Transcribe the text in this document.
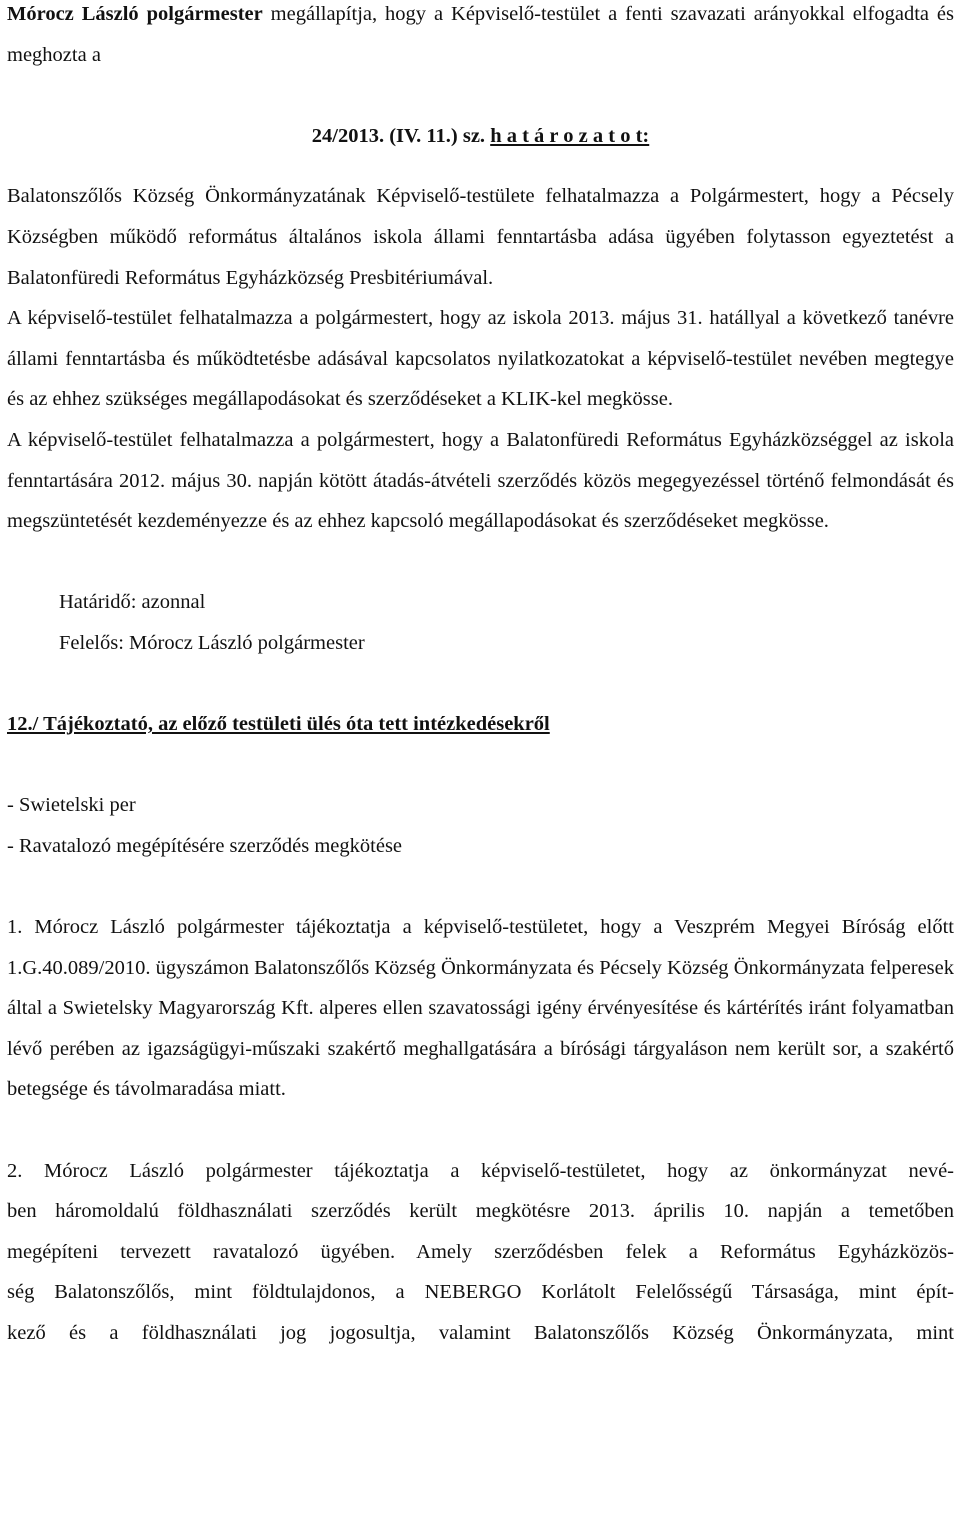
Mórocz László polgármester megállapítja, hogy a Képviselő-testület a fenti szavazati arányokkal elfogadta és meghozta a

24/2013. (IV. 11.) sz. h a t á r o z a t o t:

Balatonszőlős Község Önkormányzatának Képviselő-testülete felhatalmazza a Polgármestert, hogy a Pécsely Községben működő református általános iskola állami fenntartásba adása ügyében folytasson egyeztetést a Balatonfüredi Református Egyházközség Presbitériumával.

A képviselő-testület felhatalmazza a polgármestert, hogy az iskola 2013. május 31. hatállyal a következő tanévre állami fenntartásba és működtetésbe adásával kapcsolatos nyilatkozatokat a képviselő-testület nevében megtegye és az ehhez szükséges megállapodásokat és szerződéseket a KLIK-kel megkösse.

A képviselő-testület felhatalmazza a polgármestert, hogy a Balatonfüredi Református Egyházközséggel az iskola fenntartására 2012. május 30. napján kötött átadás-átvételi szerződés közös megegyezéssel történő felmondását és megszüntetését kezdeményezze és az ehhez kapcsoló megállapodásokat és szerződéseket megkösse.

Határidő: azonnal

Felelős: Mórocz László polgármester

12./ Tájékoztató, az előző testületi ülés óta tett intézkedésekről

- Swietelski per

- Ravatalozó megépítésére szerződés megkötése

1. Mórocz László polgármester tájékoztatja a képviselő-testületet, hogy a Veszprém Megyei Bíróság előtt 1.G.40.089/2010. ügyszámon Balatonszőlős Község Önkormányzata és Pécsely Község Önkormányzata felperesek által a Swietelsky Magyarország Kft. alperes ellen szavatossági igény érvényesítése és kártérítés iránt folyamatban lévő perében az igazságügyi-műszaki szakértő meghallgatására a bírósági tárgyaláson nem került sor, a szakértő betegsége és távolmaradása miatt.

2. Mórocz László polgármester tájékoztatja a képviselő-testületet, hogy az önkormányzat nevé-

ben háromoldalú földhasználati szerződés került megkötésre 2013. április 10. napján a temetőben

megépíteni tervezett ravatalozó ügyében. Amely szerződésben felek a Református Egyházközös-

ség Balatonszőlős, mint földtulajdonos, a NEBERGO Korlátolt Felelősségű Társasága, mint épít-

kező és a földhasználati jog jogosultja, valamint Balatonszőlős Község Önkormányzata, mint
